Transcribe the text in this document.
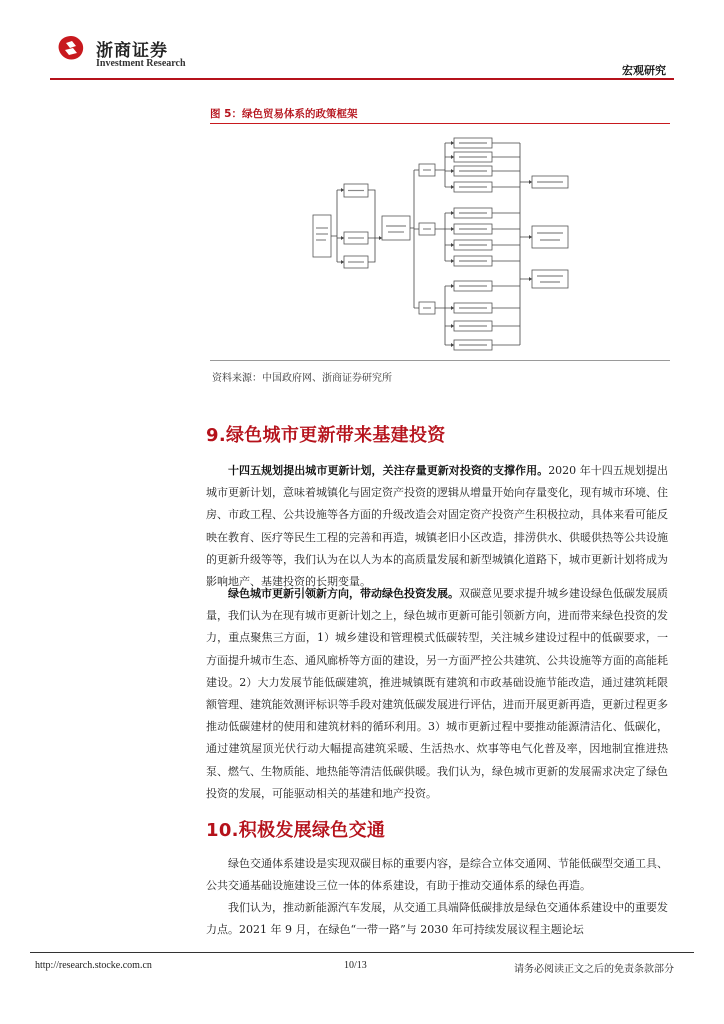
浙商证券
Investment Research
宏观研究
图 5：绿色贸易体系的政策框架
资料来源：中国政府网、浙商证券研究所
9.绿色城市更新带来基建投资
十四五规划提出城市更新计划，关注存量更新对投资的支撑作用。2020 年十四五规划提出城市更新计划，意味着城镇化与固定资产投资的逻辑从增量开始向存量变化，现有城市环境、住房、市政工程、公共设施等各方面的升级改造会对固定资产投资产生积极拉动，具体来看可能反映在教育、医疗等民生工程的完善和再造，城镇老旧小区改造，排涝供水、供暖供热等公共设施的更新升级等等，我们认为在以人为本的高质量发展和新型城镇化道路下，城市更新计划将成为影响地产、基建投资的长期变量。
绿色城市更新引领新方向，带动绿色投资发展。双碳意见要求提升城乡建设绿色低碳发展质量，我们认为在现有城市更新计划之上，绿色城市更新可能引领新方向，进而带来绿色投资的发力，重点聚焦三方面，1）城乡建设和管理模式低碳转型，关注城乡建设过程中的低碳要求，一方面提升城市生态、通风廊桥等方面的建设，另一方面严控公共建筑、公共设施等方面的高能耗建设。2）大力发展节能低碳建筑，推进城镇既有建筑和市政基础设施节能改造，通过建筑耗限额管理、建筑能效测评标识等手段对建筑低碳发展进行评估，进而开展更新再造，更新过程更多推动低碳建材的使用和建筑材料的循环利用。3）城市更新过程中要推动能源清洁化、低碳化，通过建筑屋顶光伏行动大幅提高建筑采暖、生活热水、炊事等电气化普及率，因地制宜推进热泵、燃气、生物质能、地热能等清洁低碳供暖。我们认为，绿色城市更新的发展需求决定了绿色投资的发展，可能驱动相关的基建和地产投资。
10.积极发展绿色交通
绿色交通体系建设是实现双碳目标的重要内容，是综合立体交通网、节能低碳型交通工具、公共交通基础设施建设三位一体的体系建设，有助于推动交通体系的绿色再造。
我们认为，推动新能源汽车发展，从交通工具端降低碳排放是绿色交通体系建设中的重要发力点。2021 年 9 月，在绿色“一带一路”与 2030 年可持续发展议程主题论坛
http://research.stocke.com.cn	10/13	请务必阅读正文之后的免责条款部分
